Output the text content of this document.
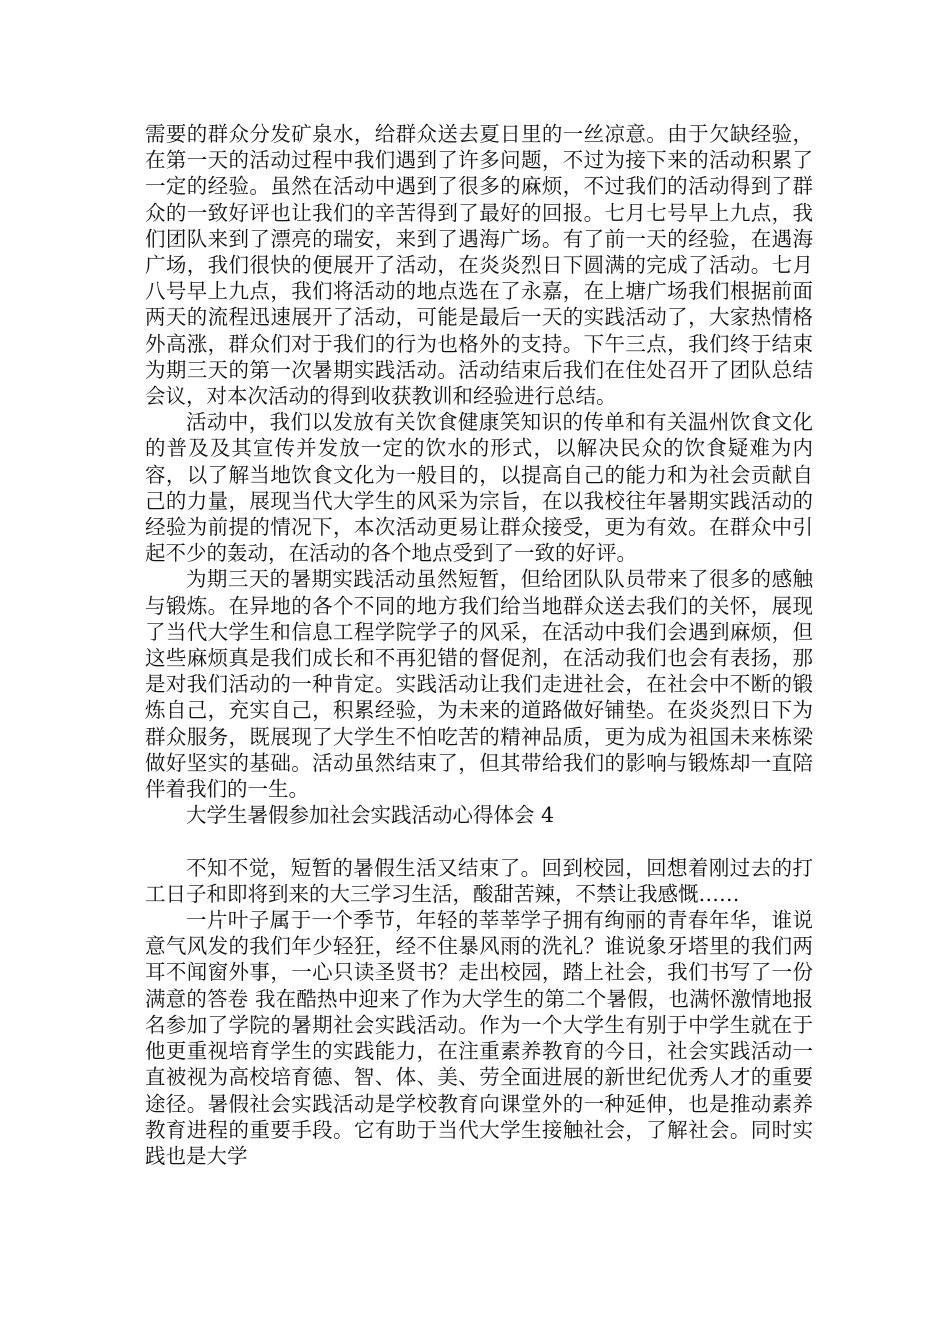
需要的群众分发矿泉水，给群众送去夏日里的一丝凉意。由于欠缺经验，在第一天的活动过程中我们遇到了许多问题，不过为接下来的活动积累了一定的经验。虽然在活动中遇到了很多的麻烦，不过我们的活动得到了群众的一致好评也让我们的辛苦得到了最好的回报。七月七号早上九点，我们团队来到了漂亮的瑞安，来到了遇海广场。有了前一天的经验，在遇海广场，我们很快的便展开了活动，在炎炎烈日下圆满的完成了活动。七月八号早上九点，我们将活动的地点选在了永嘉，在上塘广场我们根据前面两天的流程迅速展开了活动，可能是最后一天的实践活动了，大家热情格外高涨，群众们对于我们的行为也格外的支持。下午三点，我们终于结束为期三天的第一次暑期实践活动。活动结束后我们在住处召开了团队总结会议，对本次活动的得到收获教训和经验进行总结。

活动中，我们以发放有关饮食健康笑知识的传单和有关温州饮食文化的普及及其宣传并发放一定的饮水的形式，以解决民众的饮食疑难为内容，以了解当地饮食文化为一般目的，以提高自己的能力和为社会贡献自己的力量，展现当代大学生的风采为宗旨，在以我校往年暑期实践活动的经验为前提的情况下，本次活动更易让群众接受，更为有效。在群众中引起不少的轰动，在活动的各个地点受到了一致的好评。

为期三天的暑期实践活动虽然短暂，但给团队队员带来了很多的感触与锻炼。在异地的各个不同的地方我们给当地群众送去我们的关怀，展现了当代大学生和信息工程学院学子的风采，在活动中我们会遇到麻烦，但这些麻烦真是我们成长和不再犯错的督促剂，在活动我们也会有表扬，那是对我们活动的一种肯定。实践活动让我们走进社会，在社会中不断的锻炼自己，充实自己，积累经验，为未来的道路做好铺垫。在炎炎烈日下为群众服务，既展现了大学生不怕吃苦的精神品质，更为成为祖国未来栋梁做好坚实的基础。活动虽然结束了，但其带给我们的影响与锻炼却一直陪伴着我们的一生。

大学生暑假参加社会实践活动心得体会 4

不知不觉，短暂的暑假生活又结束了。回到校园，回想着刚过去的打工日子和即将到来的大三学习生活，酸甜苦辣，不禁让我感慨……

一片叶子属于一个季节，年轻的莘莘学子拥有绚丽的青春年华，谁说意气风发的我们年少轻狂，经不住暴风雨的洗礼？谁说象牙塔里的我们两耳不闻窗外事，一心只读圣贤书？走出校园，踏上社会，我们书写了一份满意的答卷 我在酷热中迎来了作为大学生的第二个暑假，也满怀激情地报名参加了学院的暑期社会实践活动。作为一个大学生有别于中学生就在于他更重视培育学生的实践能力，在注重素养教育的今日，社会实践活动一直被视为高校培育德、智、体、美、劳全面进展的新世纪优秀人才的重要途径。暑假社会实践活动是学校教育向课堂外的一种延伸，也是推动素养教育进程的重要手段。它有助于当代大学生接触社会，了解社会。同时实践也是大学
